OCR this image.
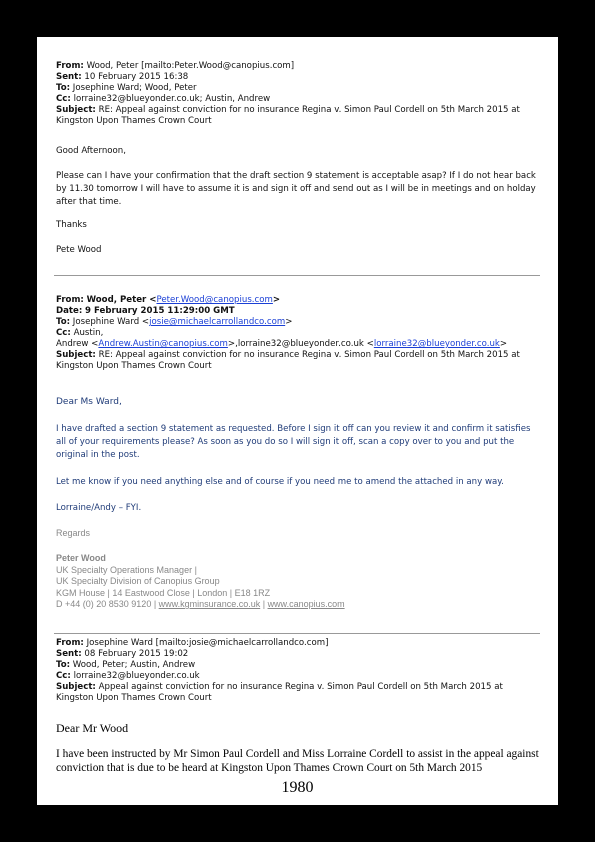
From: Wood, Peter [mailto:Peter.Wood@canopius.com]
Sent: 10 February 2015 16:38
To: Josephine Ward; Wood, Peter
Cc: lorraine32@blueyonder.co.uk; Austin, Andrew
Subject: RE: Appeal against conviction for no insurance Regina v. Simon Paul Cordell on 5th March 2015 at Kingston Upon Thames Crown Court
Good Afternoon,
Please can I have your confirmation that the draft section 9 statement is acceptable asap? If I do not hear back by 11.30 tomorrow I will have to assume it is and sign it off and send out as I will be in meetings and on holday after that time.
Thanks
Pete Wood
From: Wood, Peter <Peter.Wood@canopius.com>
Date: 9 February 2015 11:29:00 GMT
To: Josephine Ward <josie@michaelcarrollandco.com>
Cc: Austin,
Andrew <Andrew.Austin@canopius.com>,lorraine32@blueyonder.co.uk <lorraine32@blueyonder.co.uk>
Subject: RE: Appeal against conviction for no insurance Regina v. Simon Paul Cordell on 5th March 2015 at Kingston Upon Thames Crown Court
Dear Ms Ward,
I have drafted a section 9 statement as requested. Before I sign it off can you review it and confirm it satisfies all of your requirements please? As soon as you do so I will sign it off, scan a copy over to you and put the original in the post.
Let me know if you need anything else and of course if you need me to amend the attached in any way.
Lorraine/Andy – FYI.
Regards
Peter Wood
UK Specialty Operations Manager |
UK Specialty Division of Canopius Group
KGM House | 14 Eastwood Close | London | E18 1RZ
D +44 (0) 20 8530 9120 | www.kgminsurance.co.uk | www.canopius.com
From: Josephine Ward [mailto:josie@michaelcarrollandco.com]
Sent: 08 February 2015 19:02
To: Wood, Peter; Austin, Andrew
Cc: lorraine32@blueyonder.co.uk
Subject: Appeal against conviction for no insurance Regina v. Simon Paul Cordell on 5th March 2015 at Kingston Upon Thames Crown Court
Dear Mr Wood
I have been instructed by Mr Simon Paul Cordell and Miss Lorraine Cordell to assist in the appeal against conviction that is due to be heard at Kingston Upon Thames Crown Court on 5th March 2015
1980
